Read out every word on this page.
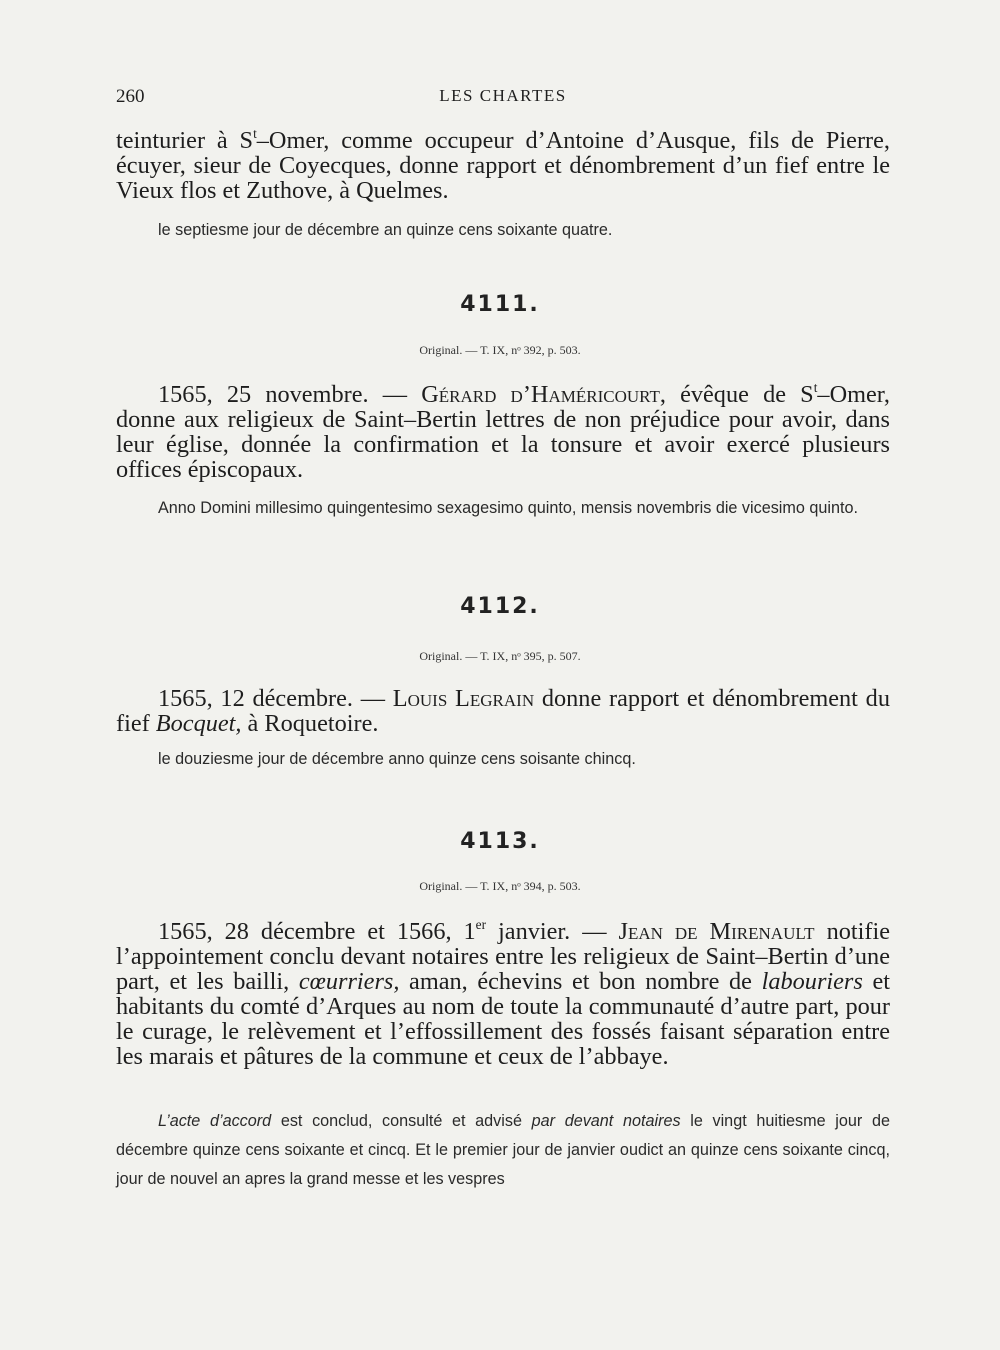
260	LES CHARTES
teinturier à $S^t$–Omer, comme occupeur d’Antoine d’Ausque, fils de Pierre, écuyer, sieur de Coyecques, donne rapport et dénombrement d’un fief entre le Vieux flos et Zuthove, à Quelmes.
le septiesme jour de décembre an quinze cens soixante quatre.
4111.
Original. — T. IX, nᵒ 392, p. 503.
1565, 25 novembre. — Gérard d’Haméricourt, évêque de $S^t$–Omer, donne aux religieux de Saint–Bertin lettres de non préjudice pour avoir, dans leur église, donnée la confirmation et la tonsure et avoir exercé plusieurs offices épiscopaux.
Anno Domini millesimo quingentesimo sexagesimo quinto, mensis novembris die vicesimo quinto.
4112.
Original. — T. IX, nᵒ 395, p. 507.
1565, 12 décembre. — Louis Legrain donne rapport et dénombrement du fief Bocquet, à Roquetoire.
le douziesme jour de décembre anno quinze cens soisante chincq.
4113.
Original. — T. IX, nᵒ 394, p. 503.
1565, 28 décembre et 1566, 1er janvier. — Jean de Mirenault notifie l’appointement conclu devant notaires entre les religieux de Saint–Bertin d’une part, et les bailli, cœurriers, aman, échevins et bon nombre de labouriers et habitants du comté d’Arques au nom de toute la communauté d’autre part, pour le curage, le relèvement et l’effossillement des fossés faisant séparation entre les marais et pâtures de la commune et ceux de l’abbaye.
L’acte d’accord est conclud, consulté et advisé par devant notaires le vingt huitiesme jour de décembre quinze cens soixante et cincq. Et le premier jour de janvier oudict an quinze cens soixante cincq, jour de nouvel an apres la grand messe et les vespres
